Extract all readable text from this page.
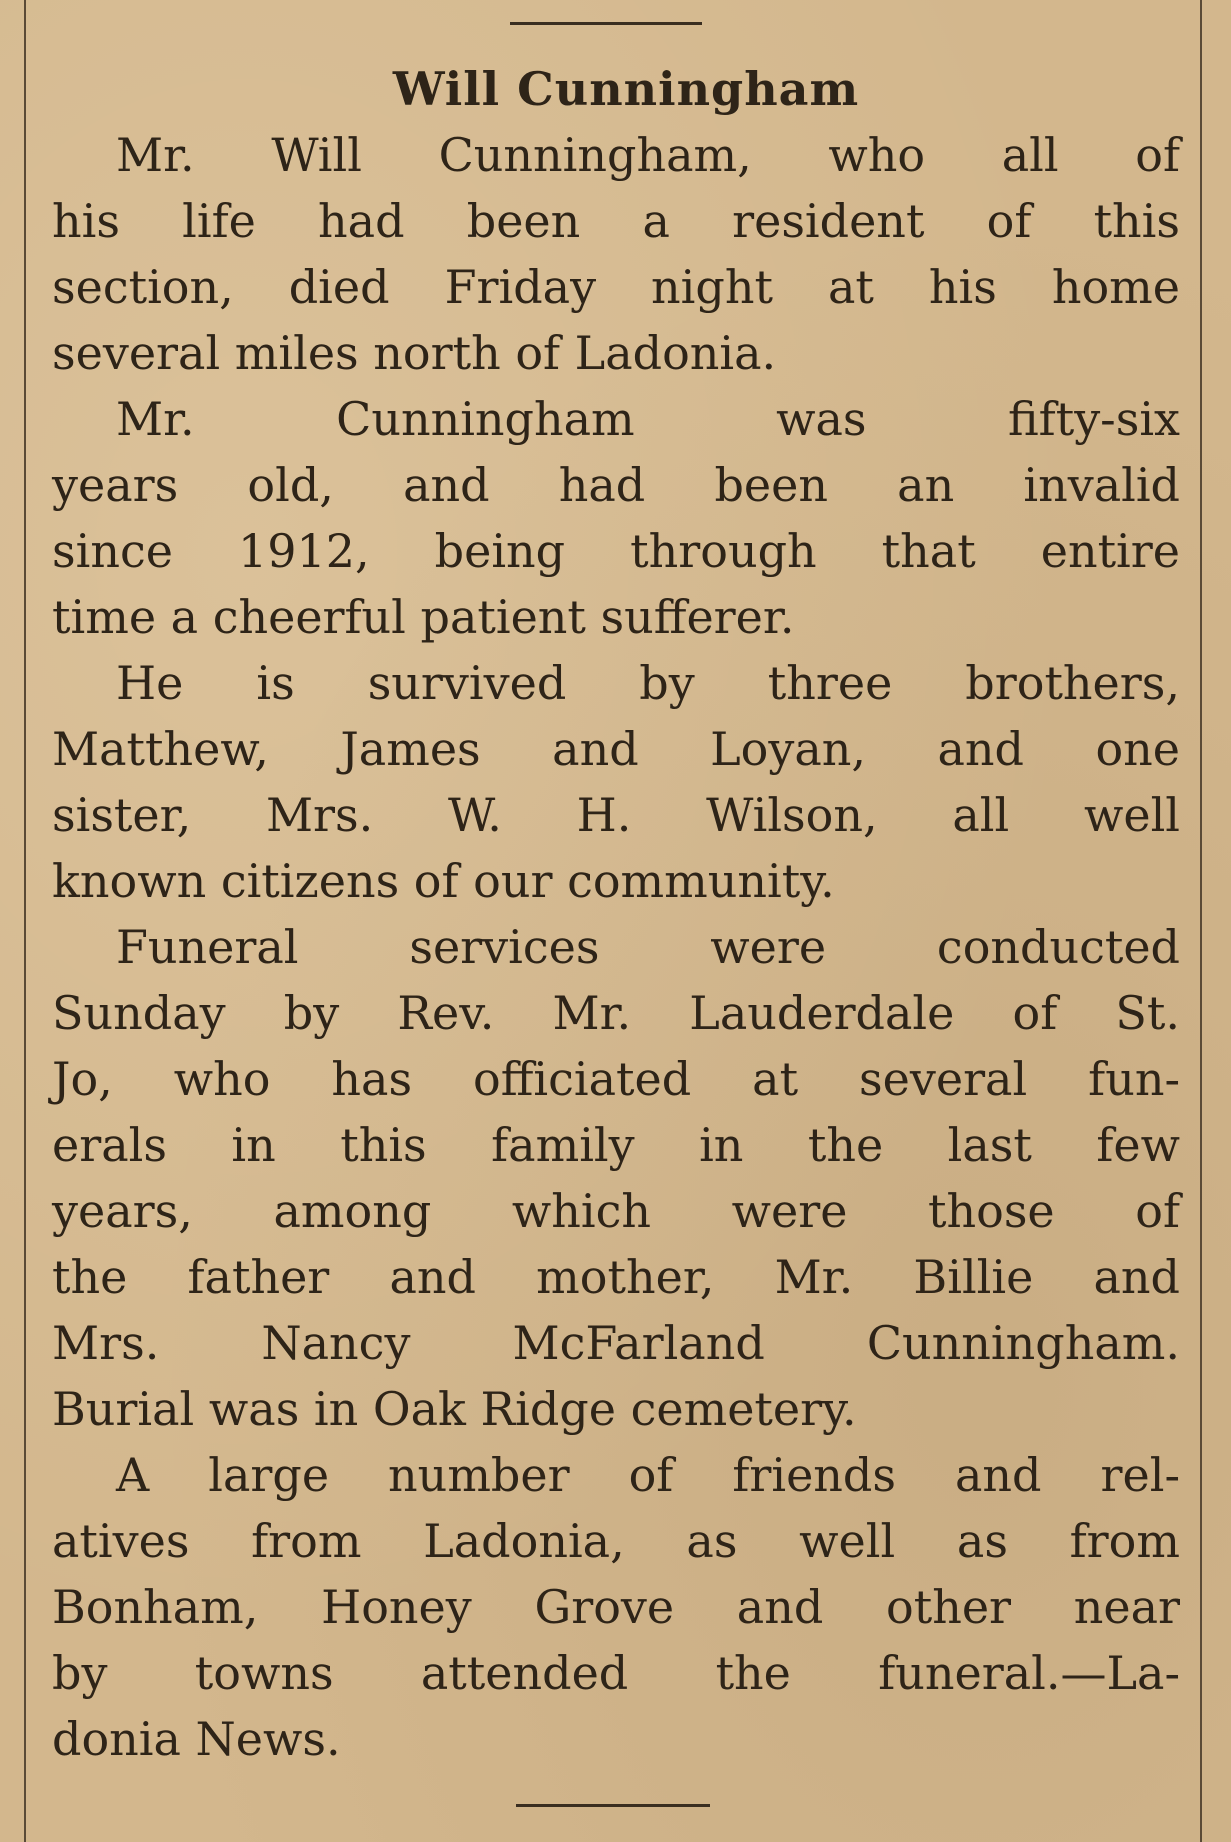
Will Cunningham
Mr. Will Cunningham, who all of
his life had been a resident of this
section, died Friday night at his home
several miles north of Ladonia.
Mr. Cunningham was fifty-six
years old, and had been an invalid
since 1912, being through that entire
time a cheerful patient sufferer.
He is survived by three brothers,
Matthew, James and Loyan, and one
sister, Mrs. W. H. Wilson, all well
known citizens of our community.
Funeral services were conducted
Sunday by Rev. Mr. Lauderdale of St.
Jo, who has officiated at several fun-
erals in this family in the last few
years, among which were those of
the father and mother, Mr. Billie and
Mrs. Nancy McFarland Cunningham.
Burial was in Oak Ridge cemetery.
A large number of friends and rel-
atives from Ladonia, as well as from
Bonham, Honey Grove and other near
by towns attended the funeral.—La-
donia News.
